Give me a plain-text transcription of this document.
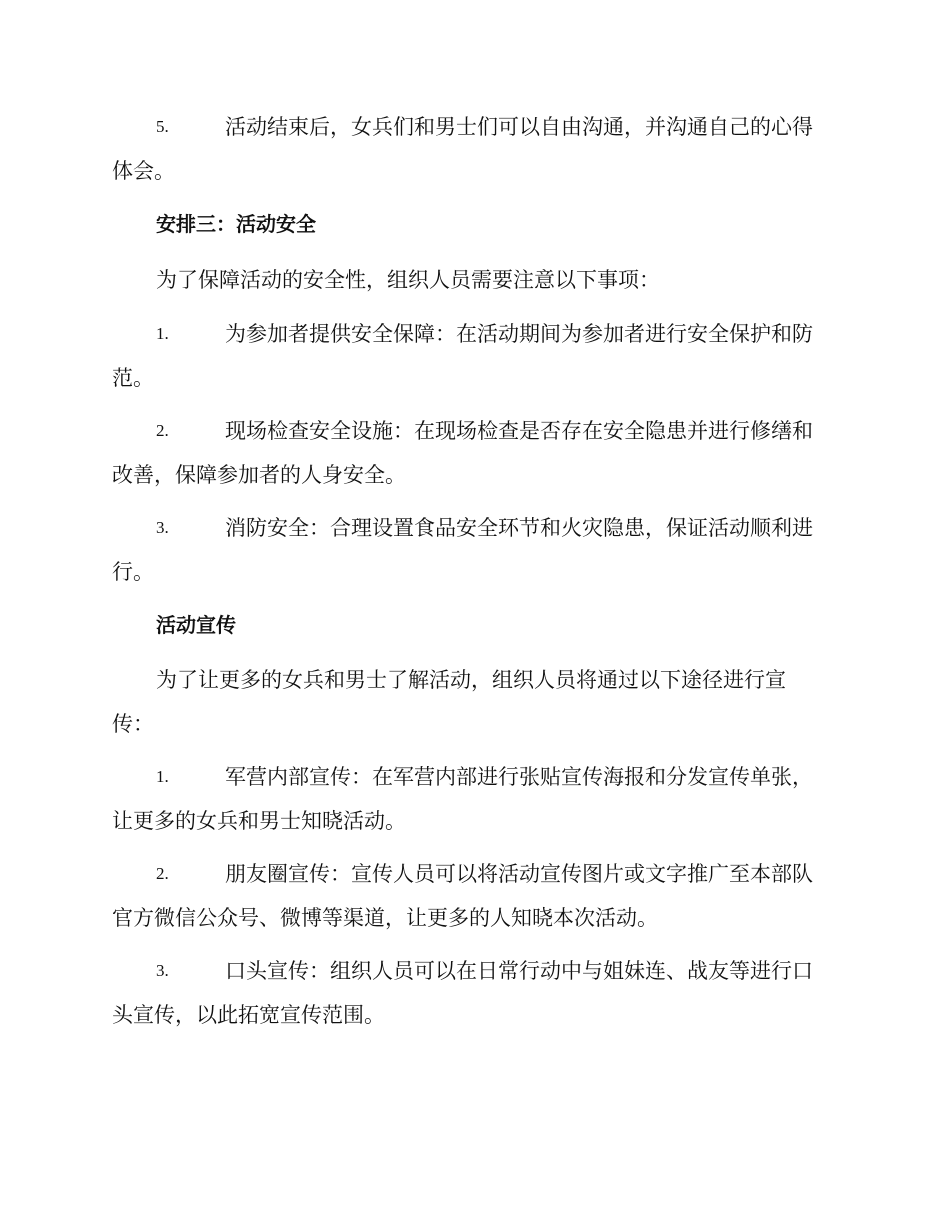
5.	活动结束后，女兵们和男士们可以自由沟通，并沟通自己的心得
体会。
安排三：活动安全
为了保障活动的安全性，组织人员需要注意以下事项：
1.	为参加者提供安全保障：在活动期间为参加者进行安全保护和防
范。
2.	现场检查安全设施：在现场检查是否存在安全隐患并进行修缮和
改善，保障参加者的人身安全。
3.	消防安全：合理设置食品安全环节和火灾隐患，保证活动顺利进
行。
活动宣传
为了让更多的女兵和男士了解活动，组织人员将通过以下途径进行宣
传：
1.	军营内部宣传：在军营内部进行张贴宣传海报和分发宣传单张，
让更多的女兵和男士知晓活动。
2.	朋友圈宣传：宣传人员可以将活动宣传图片或文字推广至本部队
官方微信公众号、微博等渠道，让更多的人知晓本次活动。
3.	口头宣传：组织人员可以在日常行动中与姐妹连、战友等进行口
头宣传，以此拓宽宣传范围。
